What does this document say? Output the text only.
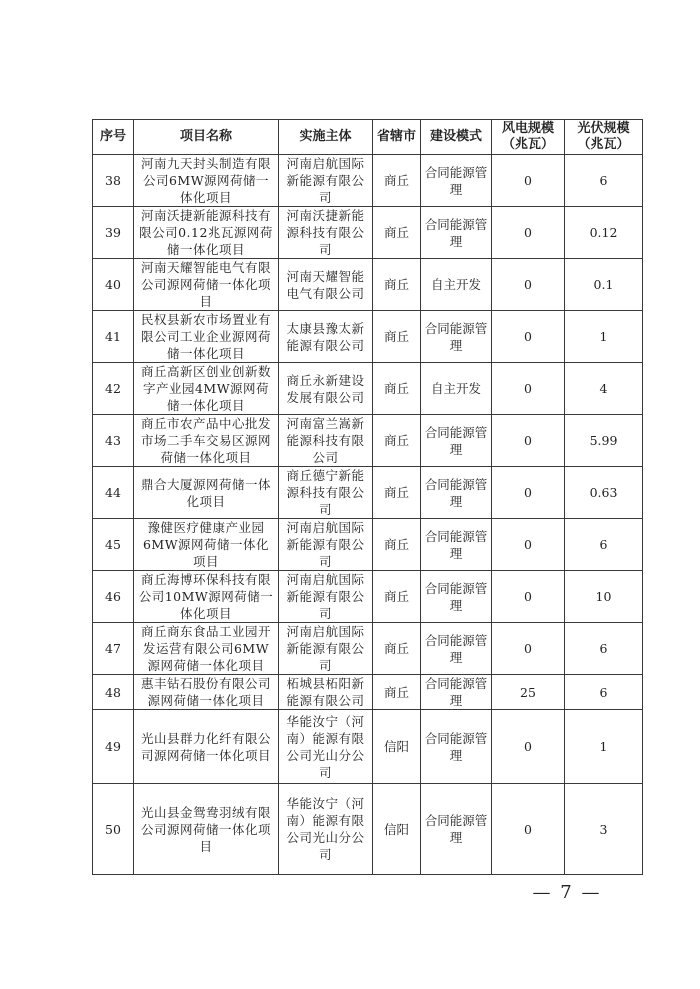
序号	项目名称	实施主体	省辖市	建设模式	风电规模（兆瓦）	光伏规模（兆瓦）
38	河南九天封头制造有限公司6MW源网荷储一体化项目	河南启航国际新能源有限公司	商丘	合同能源管理	0	6
39	河南沃捷新能源科技有限公司0.12兆瓦源网荷储一体化项目	河南沃捷新能源科技有限公司	商丘	合同能源管理	0	0.12
40	河南天耀智能电气有限公司源网荷储一体化项目	河南天耀智能电气有限公司	商丘	自主开发	0	0.1
41	民权县新农市场置业有限公司工业企业源网荷储一体化项目	太康县豫太新能源有限公司	商丘	合同能源管理	0	1
42	商丘高新区创业创新数字产业园4MW源网荷储一体化项目	商丘永新建设发展有限公司	商丘	自主开发	0	4
43	商丘市农产品中心批发市场二手车交易区源网荷储一体化项目	河南富兰嵩新能源科技有限公司	商丘	合同能源管理	0	5.99
44	鼎合大厦源网荷储一体化项目	商丘德宁新能源科技有限公司	商丘	合同能源管理	0	0.63
45	豫健医疗健康产业园6MW源网荷储一体化项目	河南启航国际新能源有限公司	商丘	合同能源管理	0	6
46	商丘海博环保科技有限公司10MW源网荷储一体化项目	河南启航国际新能源有限公司	商丘	合同能源管理	0	10
47	商丘商东食品工业园开发运营有限公司6MW源网荷储一体化项目	河南启航国际新能源有限公司	商丘	合同能源管理	0	6
48	惠丰钻石股份有限公司源网荷储一体化项目	柘城县柘阳新能源有限公司	商丘	合同能源管理	25	6
49	光山县群力化纤有限公司源网荷储一体化项目	华能汝宁（河南）能源有限公司光山分公司	信阳	合同能源管理	0	1
50	光山县金鸳鸯羽绒有限公司源网荷储一体化项目	华能汝宁（河南）能源有限公司光山分公司	信阳	合同能源管理	0	3
— 7 —
